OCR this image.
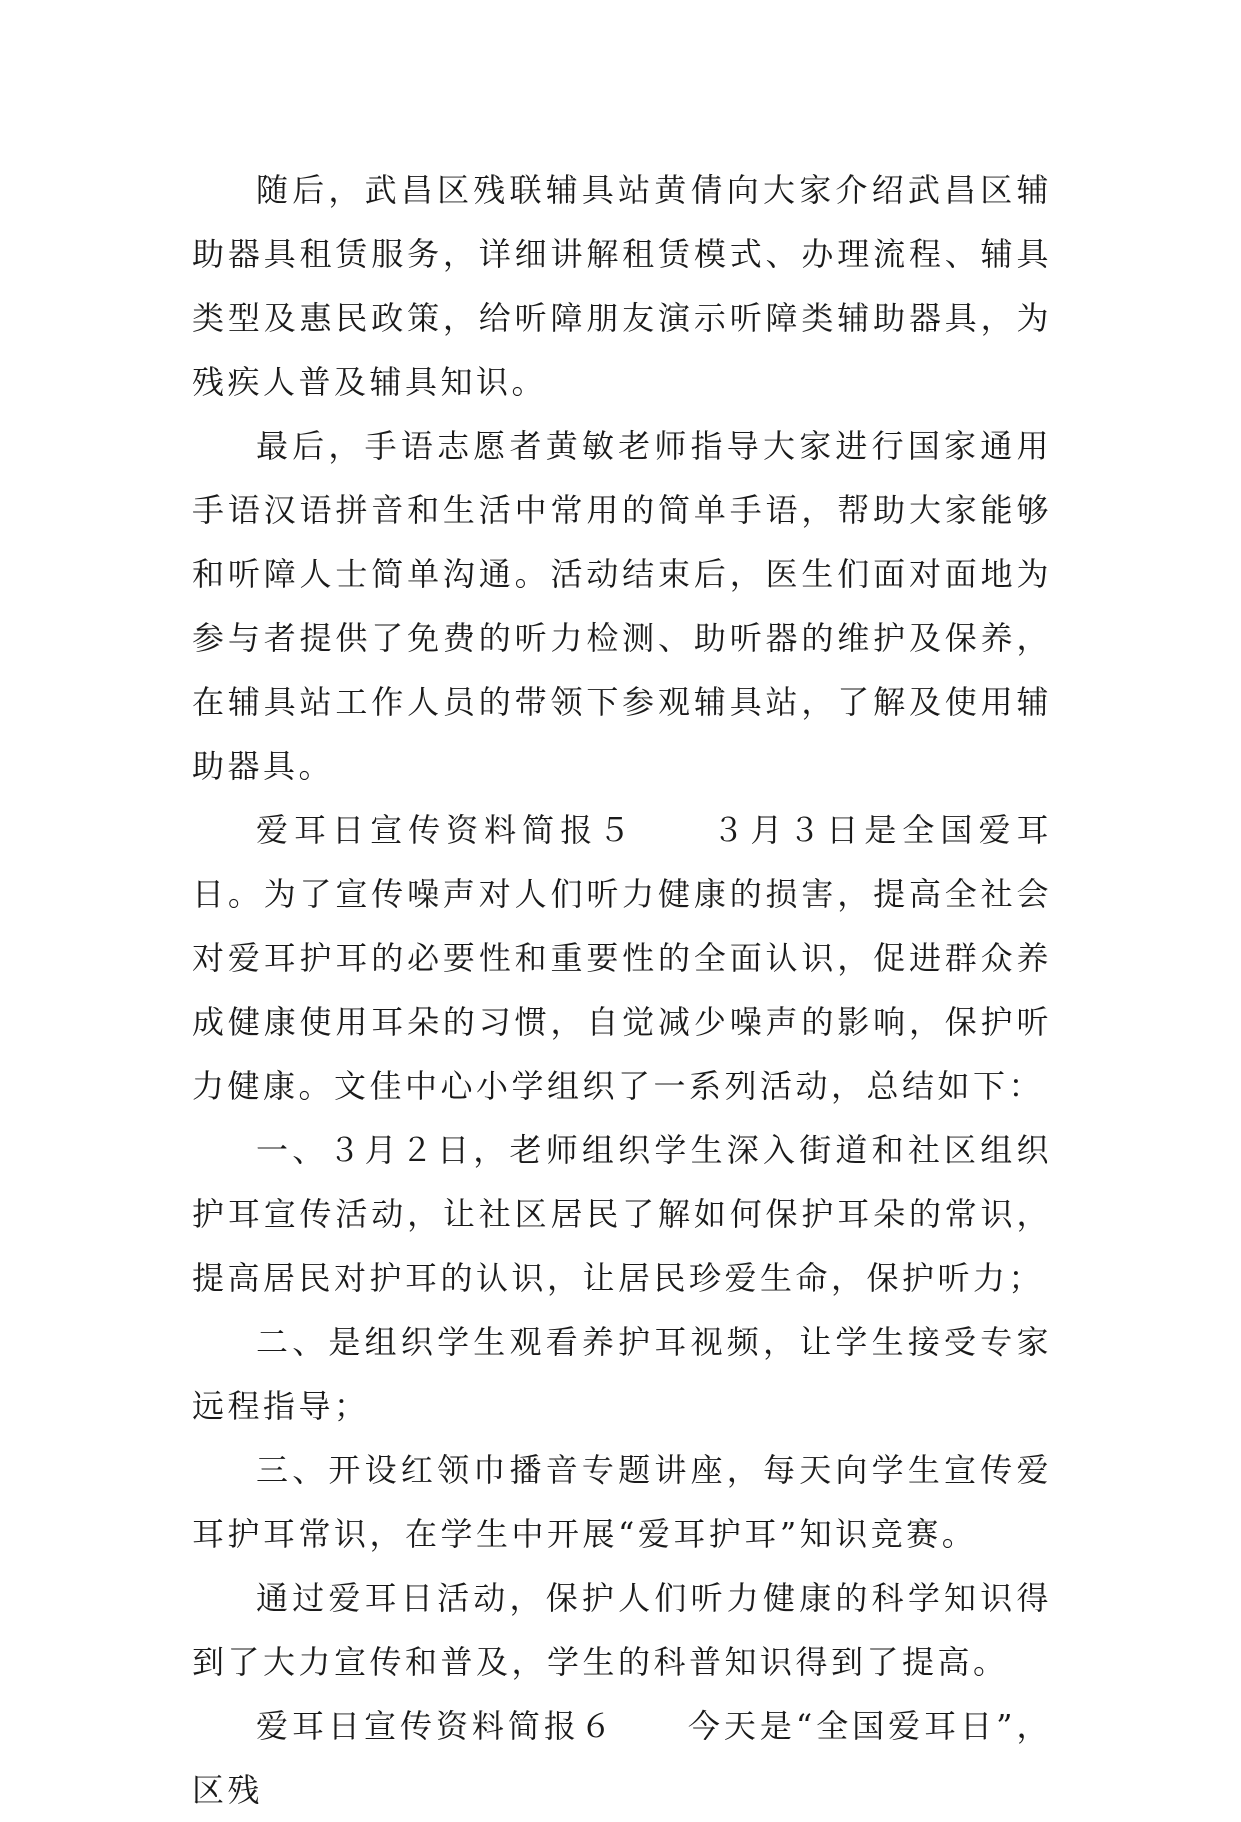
随后，武昌区残联辅具站黄倩向大家介绍武昌区辅助器具租赁服务，详细讲解租赁模式、办理流程、辅具类型及惠民政策，给听障朋友演示听障类辅助器具，为残疾人普及辅具知识。

最后，手语志愿者黄敏老师指导大家进行国家通用手语汉语拼音和生活中常用的简单手语，帮助大家能够和听障人士简单沟通。活动结束后，医生们面对面地为参与者提供了免费的听力检测、助听器的维护及保养，在辅具站工作人员的带领下参观辅具站，了解及使用辅助器具。

爱耳日宣传资料简报５　　３月３日是全国爱耳日。为了宣传噪声对人们听力健康的损害，提高全社会对爱耳护耳的必要性和重要性的全面认识，促进群众养成健康使用耳朵的习惯，自觉减少噪声的影响，保护听力健康。文佳中心小学组织了一系列活动，总结如下：

一、３月２日，老师组织学生深入街道和社区组织护耳宣传活动，让社区居民了解如何保护耳朵的常识，提高居民对护耳的认识，让居民珍爱生命，保护听力；

二、是组织学生观看养护耳视频，让学生接受专家远程指导；

三、开设红领巾播音专题讲座，每天向学生宣传爱耳护耳常识，在学生中开展“爱耳护耳”知识竞赛。

通过爱耳日活动，保护人们听力健康的科学知识得到了大力宣传和普及，学生的科普知识得到了提高。

爱耳日宣传资料简报６　　今天是“全国爱耳日”，区残
